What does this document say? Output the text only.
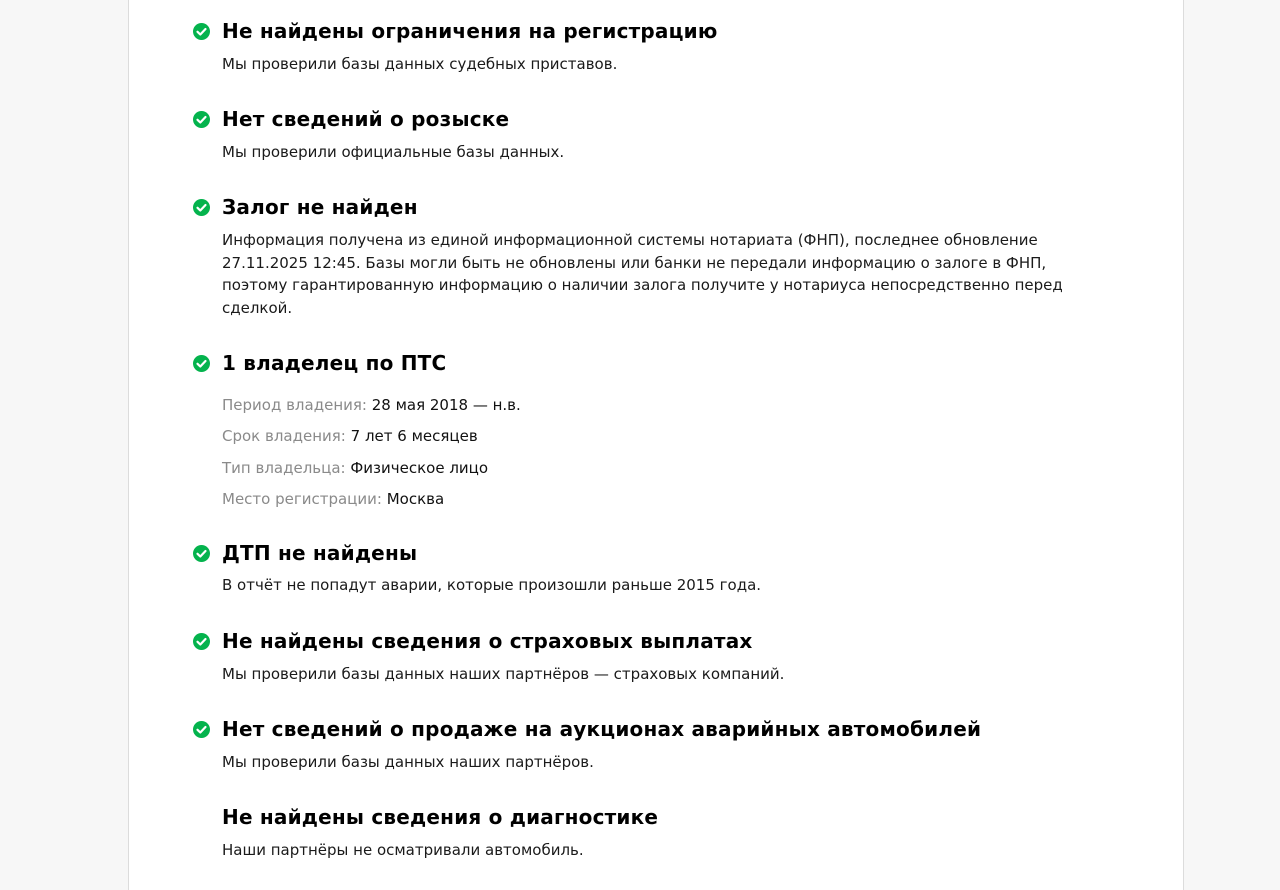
Не найдены ограничения на регистрацию

Мы проверили базы данных судебных приставов.

Нет сведений о розыске

Мы проверили официальные базы данных.

Залог не найден

Информация получена из единой информационной системы нотариата (ФНП), последнее обновление 27.11.2025 12:45. Базы могли быть не обновлены или банки не передали информацию о залоге в ФНП, поэтому гарантированную информацию о наличии залога получите у нотариуса непосредственно перед сделкой.

1 владелец по ПТС
Период владения: 28 мая 2018 — н.в.
Срок владения: 7 лет 6 месяцев
Тип владельца: Физическое лицо
Место регистрации: Москва
ДТП не найдены

В отчёт не попадут аварии, которые произошли раньше 2015 года.

Не найдены сведения о страховых выплатах

Мы проверили базы данных наших партнёров — страховых компаний.

Нет сведений о продаже на аукционах аварийных автомобилей

Мы проверили базы данных наших партнёров.

Не найдены сведения о диагностике

Наши партнёры не осматривали автомобиль.
